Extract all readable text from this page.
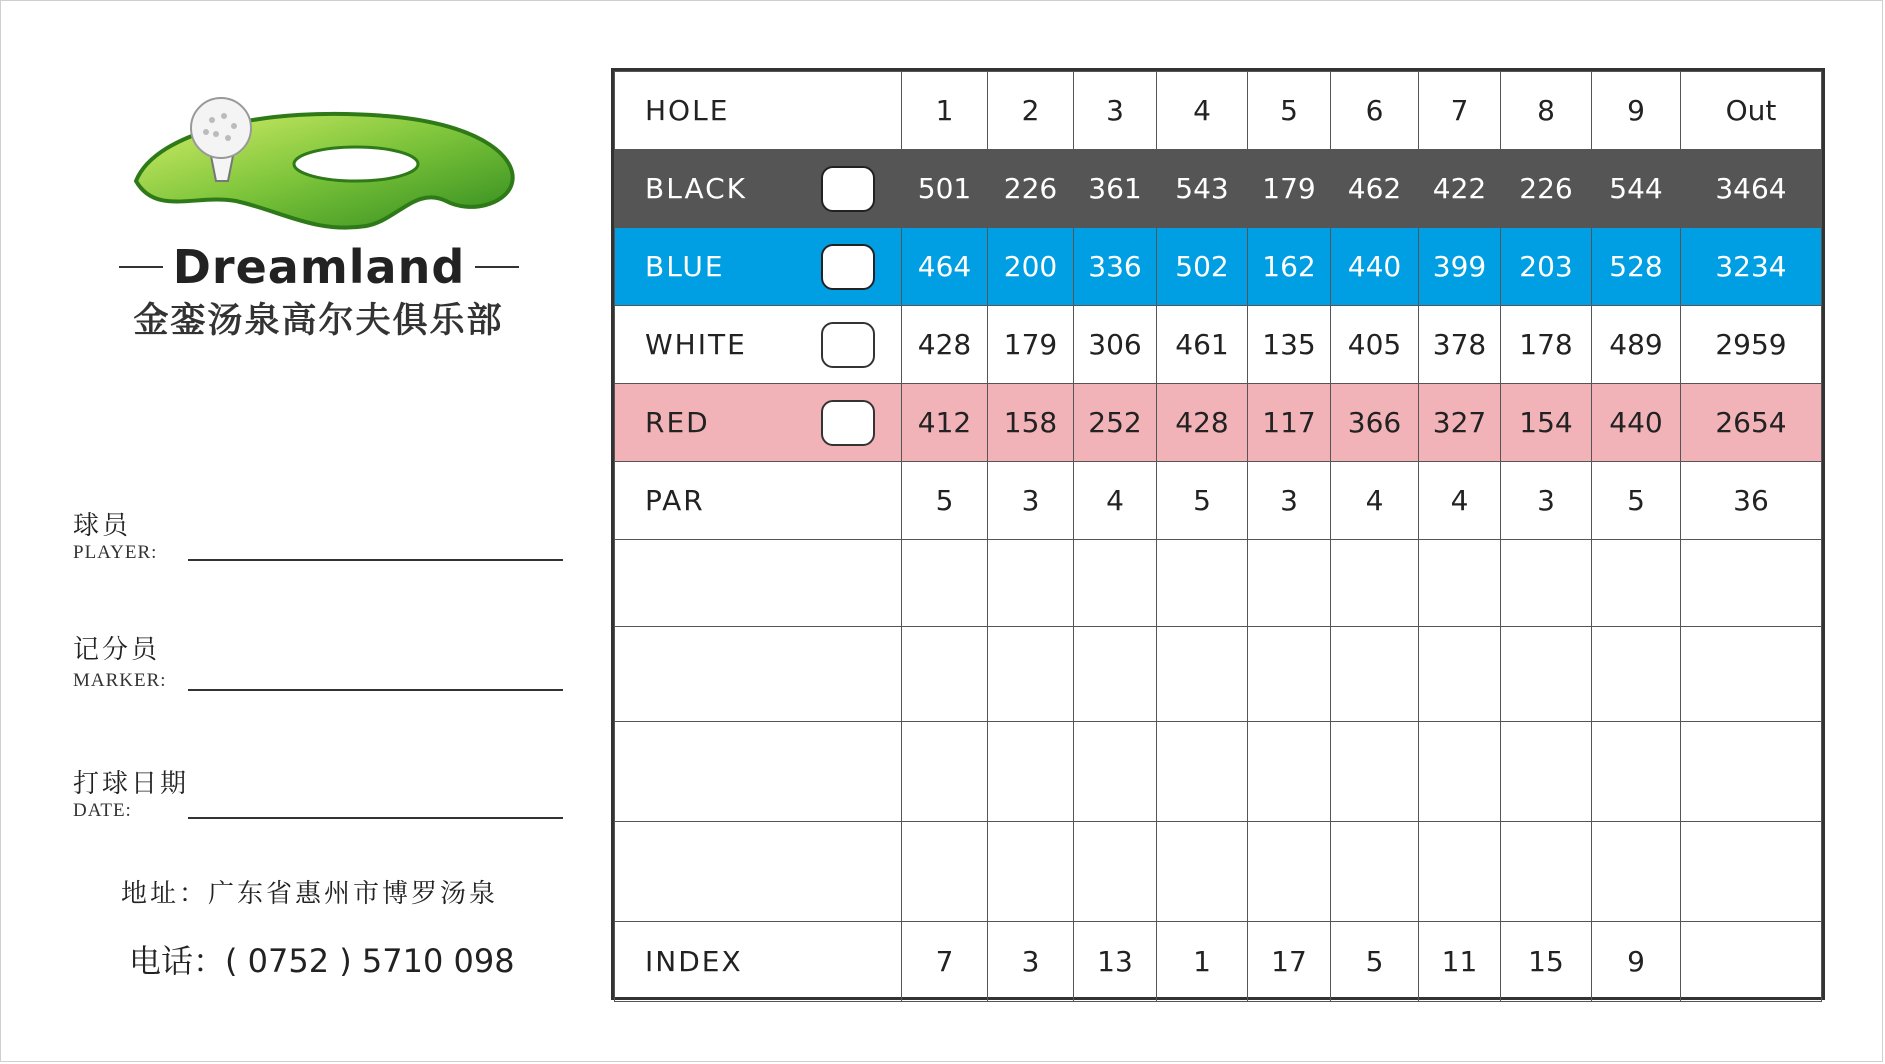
Dreamland
金銮汤泉高尔夫俱乐部
球员
PLAYER:
记分员
MARKER:
打球日期
DATE:
地址：广东省惠州市博罗汤泉
电话：( 0752 ) 5710 098
HOLE	1	2	3	4	5	6	7	8	9	Out
BLACK	501	226	361	543	179	462	422	226	544	3464
BLUE	464	200	336	502	162	440	399	203	528	3234
WHITE	428	179	306	461	135	405	378	178	489	2959
RED	412	158	252	428	117	366	327	154	440	2654
PAR	5	3	4	5	3	4	4	3	5	36

INDEX	7	3	13	1	17	5	11	15	9	
